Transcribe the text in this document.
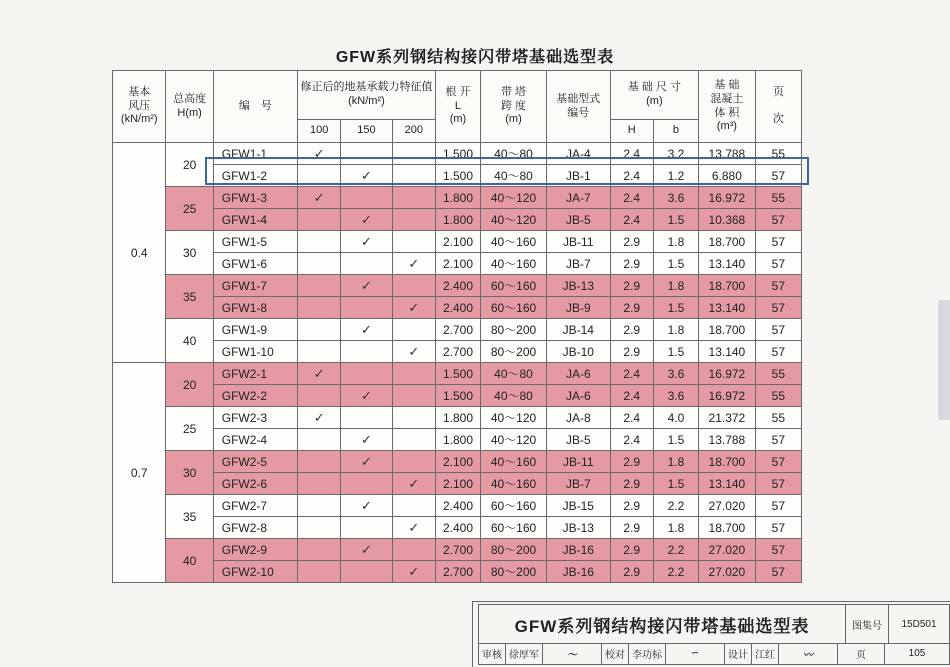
GFW系列钢结构接闪带塔基础选型表
基本
风压
(kN/m²)	总高度
H(m)	编　号	修正后的地基承载力特征值
(kN/m²)			根 开
L
(m)	带 塔
跨 度
(m)	基础型式
编号	基 础 尺 寸
(m)		基 础
混凝土
体 积
(m³)	页

次
			100	150	200				H	b		
0.4	20	GFW1-1	✓			1.500	40～80	JA-4	2.4	3.2	13.788	55
		GFW1-2		✓		1.500	40～80	JB-1	2.4	1.2	6.880	57
	25	GFW1-3	✓			1.800	40～120	JA-7	2.4	3.6	16.972	55
		GFW1-4		✓		1.800	40～120	JB-5	2.4	1.5	10.368	57
	30	GFW1-5		✓		2.100	40～160	JB-11	2.9	1.8	18.700	57
		GFW1-6			✓	2.100	40～160	JB-7	2.9	1.5	13.140	57
	35	GFW1-7		✓		2.400	60～160	JB-13	2.9	1.8	18.700	57
		GFW1-8			✓	2.400	60～160	JB-9	2.9	1.5	13.140	57
	40	GFW1-9		✓		2.700	80～200	JB-14	2.9	1.8	18.700	57
		GFW1-10			✓	2.700	80～200	JB-10	2.9	1.5	13.140	57
0.7	20	GFW2-1	✓			1.500	40～80	JA-6	2.4	3.6	16.972	55
		GFW2-2		✓		1.500	40～80	JA-6	2.4	3.6	16.972	55
	25	GFW2-3	✓			1.800	40～120	JA-8	2.4	4.0	21.372	55
		GFW2-4		✓		1.800	40～120	JB-5	2.4	1.5	13.788	57
	30	GFW2-5		✓		2.100	40～160	JB-11	2.9	1.8	18.700	57
		GFW2-6			✓	2.100	40～160	JB-7	2.9	1.5	13.140	57
	35	GFW2-7		✓		2.400	60～160	JB-15	2.9	2.2	27.020	57
		GFW2-8			✓	2.400	60～160	JB-13	2.9	1.8	18.700	57
	40	GFW2-9		✓		2.700	80～200	JB-16	2.9	2.2	27.020	57
		GFW2-10			✓	2.700	80～200	JB-16	2.9	2.2	27.020	57
GFW系列钢结构接闪带塔基础选型表	图集号	15D501
审核 徐厚军	〜	校对 李功标	∽	设计 江红	〰	页	105
